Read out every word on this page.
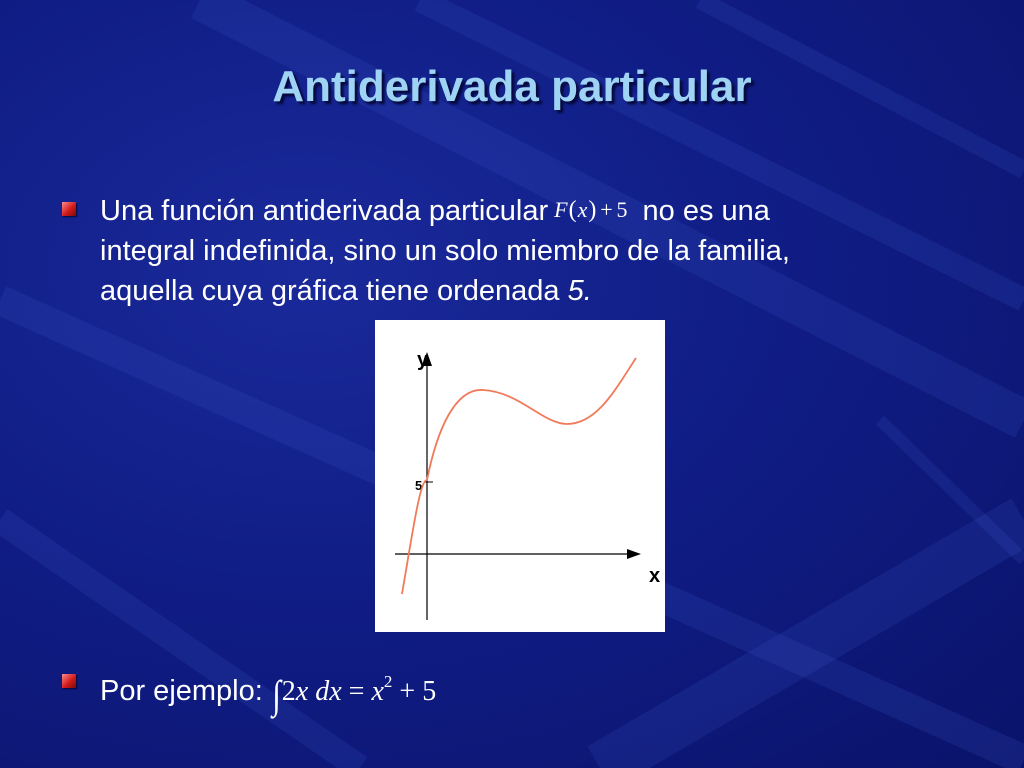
Antiderivada particular
Una función antiderivada particular F(x)  +  5 no es una
integral indefinida, sino un solo miembro de la familia,
aquella cuya gráfica tiene ordenada 5.
5
y
x
Por ejemplo: ∫2x dx = $x^2 + 5$
